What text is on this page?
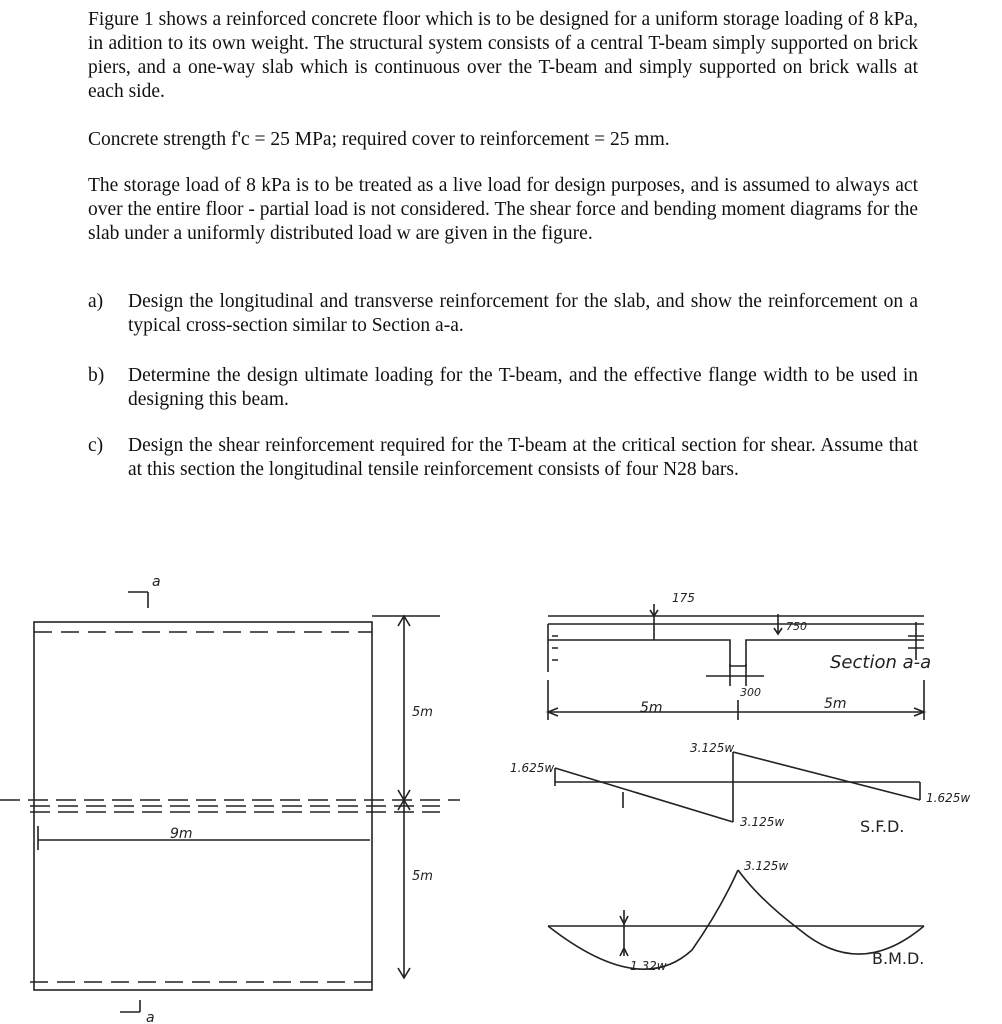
Figure 1 shows a reinforced concrete floor which is to be designed for a uniform storage loading of 8 kPa, in adition to its own weight. The structural system consists of a central T-beam simply supported on brick piers, and a one-way slab which is continuous over the T-beam and simply supported on brick walls at each side.

Concrete strength f'c = 25 MPa; required cover to reinforcement = 25 mm.

The storage load of 8 kPa is to be treated as a live load for design purposes, and is assumed to always act over the entire floor - partial load is not considered. The shear force and bending moment diagrams for the slab under a uniformly distributed load w are given in the figure.

a)	Design the longitudinal and transverse reinforcement for the slab, and show the reinforcement on a typical cross-section similar to Section a-a.
b)	Determine the design ultimate loading for the T-beam, and the effective flange width to be used in designing this beam.
c)	Design the shear reinforcement required for the T-beam at the critical section for shear. Assume that at this section the longitudinal tensile reinforcement consists of four N28 bars.
a
a
5m
5m
9m
175
750
300
5m	5m
Section a-a
1.625w
3.125w
3.125w
1.625w
S.F.D.
3.125w
1.32w	B.M.D.
